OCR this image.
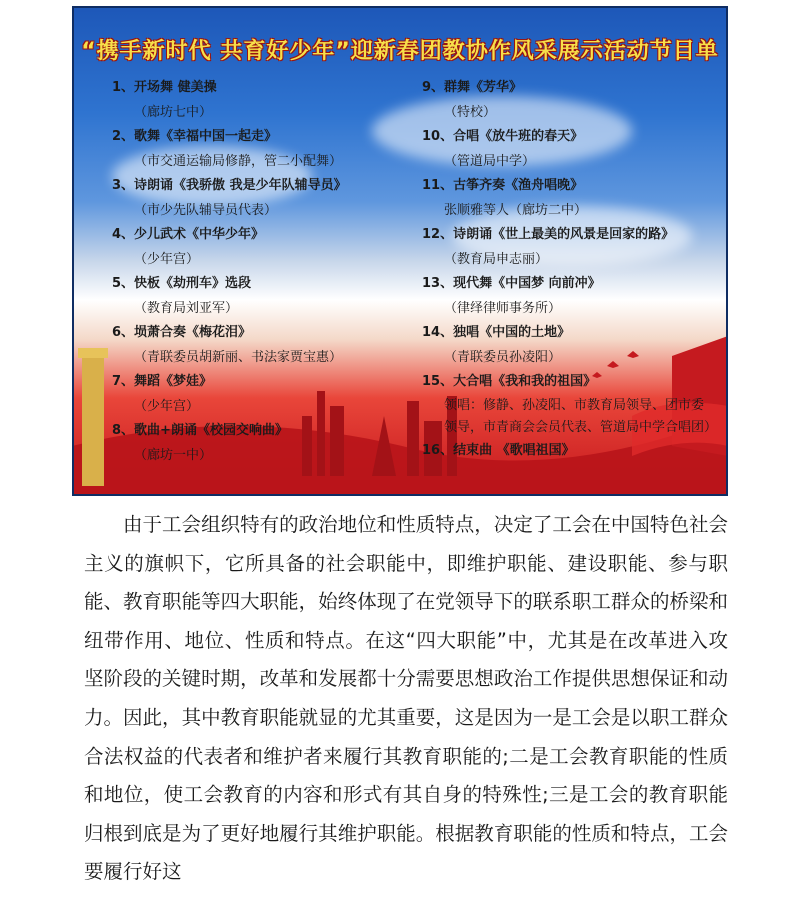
“携手新时代 共育好少年”迎新春团教协作风采展示活动节目单
1、开场舞 健美操
（廊坊七中）
2、歌舞《幸福中国一起走》
（市交通运输局修静，管二小配舞）
3、诗朗诵《我骄傲 我是少年队辅导员》
（市少先队辅导员代表）
4、少儿武术《中华少年》
（少年宫）
5、快板《劫刑车》选段
（教育局刘亚军）
6、埙萧合奏《梅花泪》
（青联委员胡新丽、书法家贾宝惠）
7、舞蹈《梦娃》
（少年宫）
8、歌曲+朗诵《校园交响曲》
（廊坊一中）
9、群舞《芳华》
（特校）
10、合唱《放牛班的春天》
（管道局中学）
11、古筝齐奏《渔舟唱晚》
张顺雅等人（廊坊二中）
12、诗朗诵《世上最美的风景是回家的路》
（教育局申志丽）
13、现代舞《中国梦 向前冲》
（律绎律师事务所）
14、独唱《中国的土地》
（青联委员孙凌阳）
15、大合唱《我和我的祖国》
领唱：修静、孙凌阳、市教育局领导、团市委领导，市青商会会员代表、管道局中学合唱团）
16、结束曲 《歌唱祖国》

由于工会组织特有的政治地位和性质特点，决定了工会在中国特色社会主义的旗帜下，它所具备的社会职能中，即维护职能、建设职能、参与职能、教育职能等四大职能，始终体现了在党领导下的联系职工群众的桥梁和纽带作用、地位、性质和特点。在这“四大职能”中，尤其是在改革进入攻坚阶段的关键时期，改革和发展都十分需要思想政治工作提供思想保证和动力。因此，其中教育职能就显的尤其重要，这是因为一是工会是以职工群众合法权益的代表者和维护者来履行其教育职能的;二是工会教育职能的性质和地位，使工会教育的内容和形式有其自身的特殊性;三是工会的教育职能归根到底是为了更好地履行其维护职能。根据教育职能的性质和特点，工会要履行好这
